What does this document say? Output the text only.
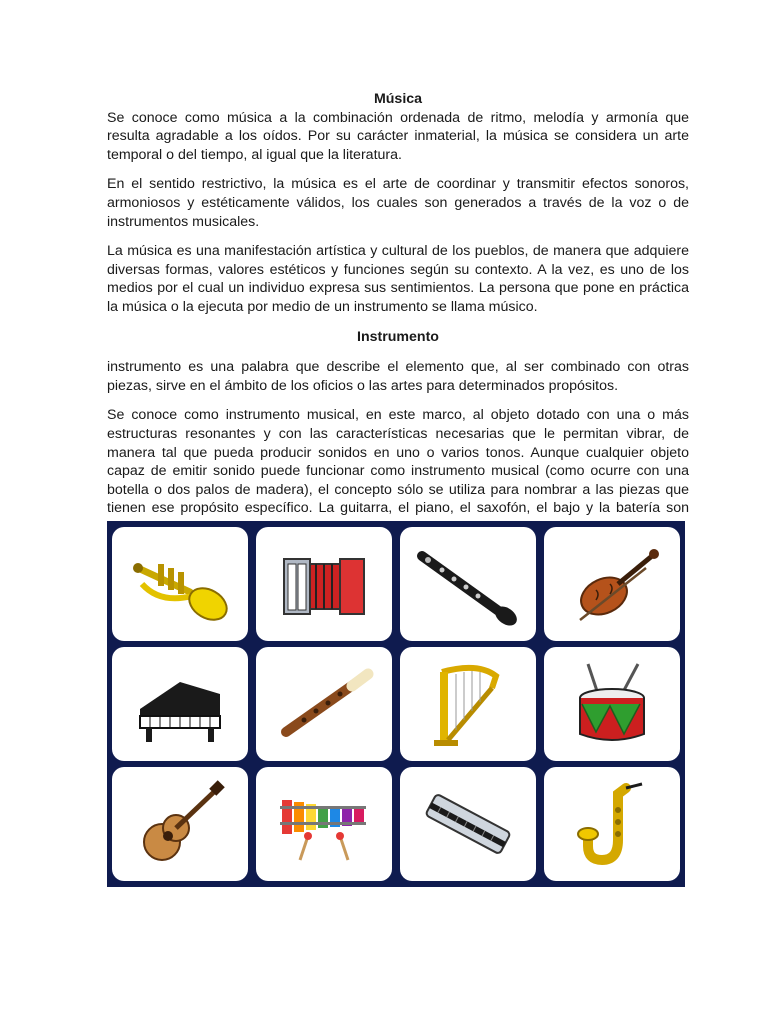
Música

Se conoce como música a la combinación ordenada de ritmo, melodía y armonía que resulta agradable a los oídos. Por su carácter inmaterial, la música se considera un arte temporal o del tiempo, al igual que la literatura.

En el sentido restrictivo, la música es el arte de coordinar y transmitir efectos sonoros, armoniosos y estéticamente válidos, los cuales son generados a través de la voz o de instrumentos musicales.

La música es una manifestación artística y cultural de los pueblos, de manera que adquiere diversas formas, valores estéticos y funciones según su contexto. A la vez, es uno de los medios por el cual un individuo expresa sus sentimientos. La persona que pone en práctica la música o la ejecuta por medio de un instrumento se llama músico.

Instrumento

instrumento es una palabra que describe el elemento que, al ser combinado con otras piezas, sirve en el ámbito de los oficios o las artes para determinados propósitos.

Se conoce como instrumento musical, en este marco, al objeto dotado con una o más estructuras resonantes y con las características necesarias que le permitan vibrar, de manera tal que pueda producir sonidos en uno o varios tonos. Aunque cualquier objeto capaz de emitir sonido puede funcionar como instrumento musical (como ocurre con una botella o dos palos de madera), el concepto sólo se utiliza para nombrar a las piezas que tienen ese propósito específico. La guitarra, el piano, el saxofón, el bajo y la batería son
